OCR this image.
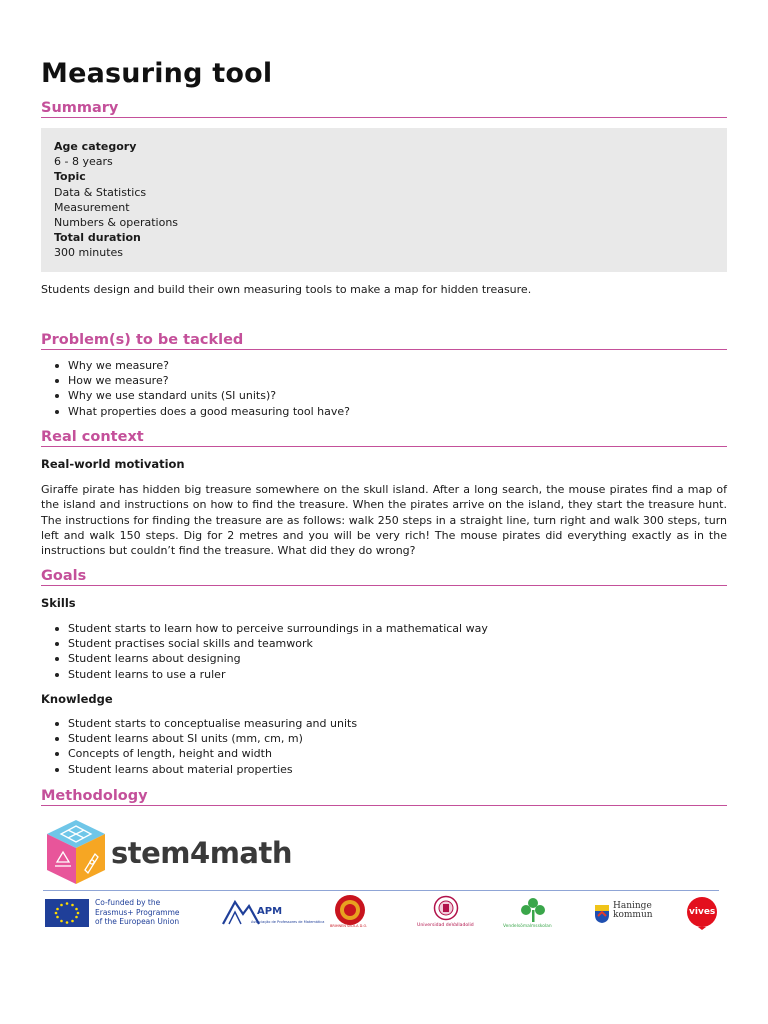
Measuring tool
Summary
Age category
6 - 8 years
Topic
Data & Statistics
Measurement
Numbers & operations
Total duration
300 minutes
Students design and build their own measuring tools to make a map for hidden treasure.
Problem(s) to be tackled
Why we measure?
How we measure?
Why we use standard units (SI units)?
What properties does a good measuring tool have?
Real context
Real-world motivation
Giraffe pirate has hidden big treasure somewhere on the skull island. After a long search, the mouse pirates find a map of the island and instructions on how to find the treasure. When the pirates arrive on the island, they start the treasure hunt. The instructions for finding the treasure are as follows: walk 250 steps in a straight line, turn right and walk 300 steps, turn left and walk 150 steps. Dig for 2 metres and you will be very rich! The mouse pirates did everything exactly as in the instructions but couldn’t find the treasure. What did they do wrong?
Goals
Skills
Student starts to learn how to perceive surroundings in a mathematical way
Student practises social skills and teamwork
Student learns about designing
Student learns to use a ruler
Knowledge
Student starts to conceptualise measuring and units
Student learns about SI units (mm, cm, m)
Concepts of length, height and width
Student learns about material properties
Methodology
stem4math
Co-funded by the
Erasmus+ Programme
of the European Union
APM
Associação de Professores de Matemática
BRIHNEN SKOLA D.O.	Universidad deValladolid	Vendelsömalmsskolan
Haninge
kommun	vives
